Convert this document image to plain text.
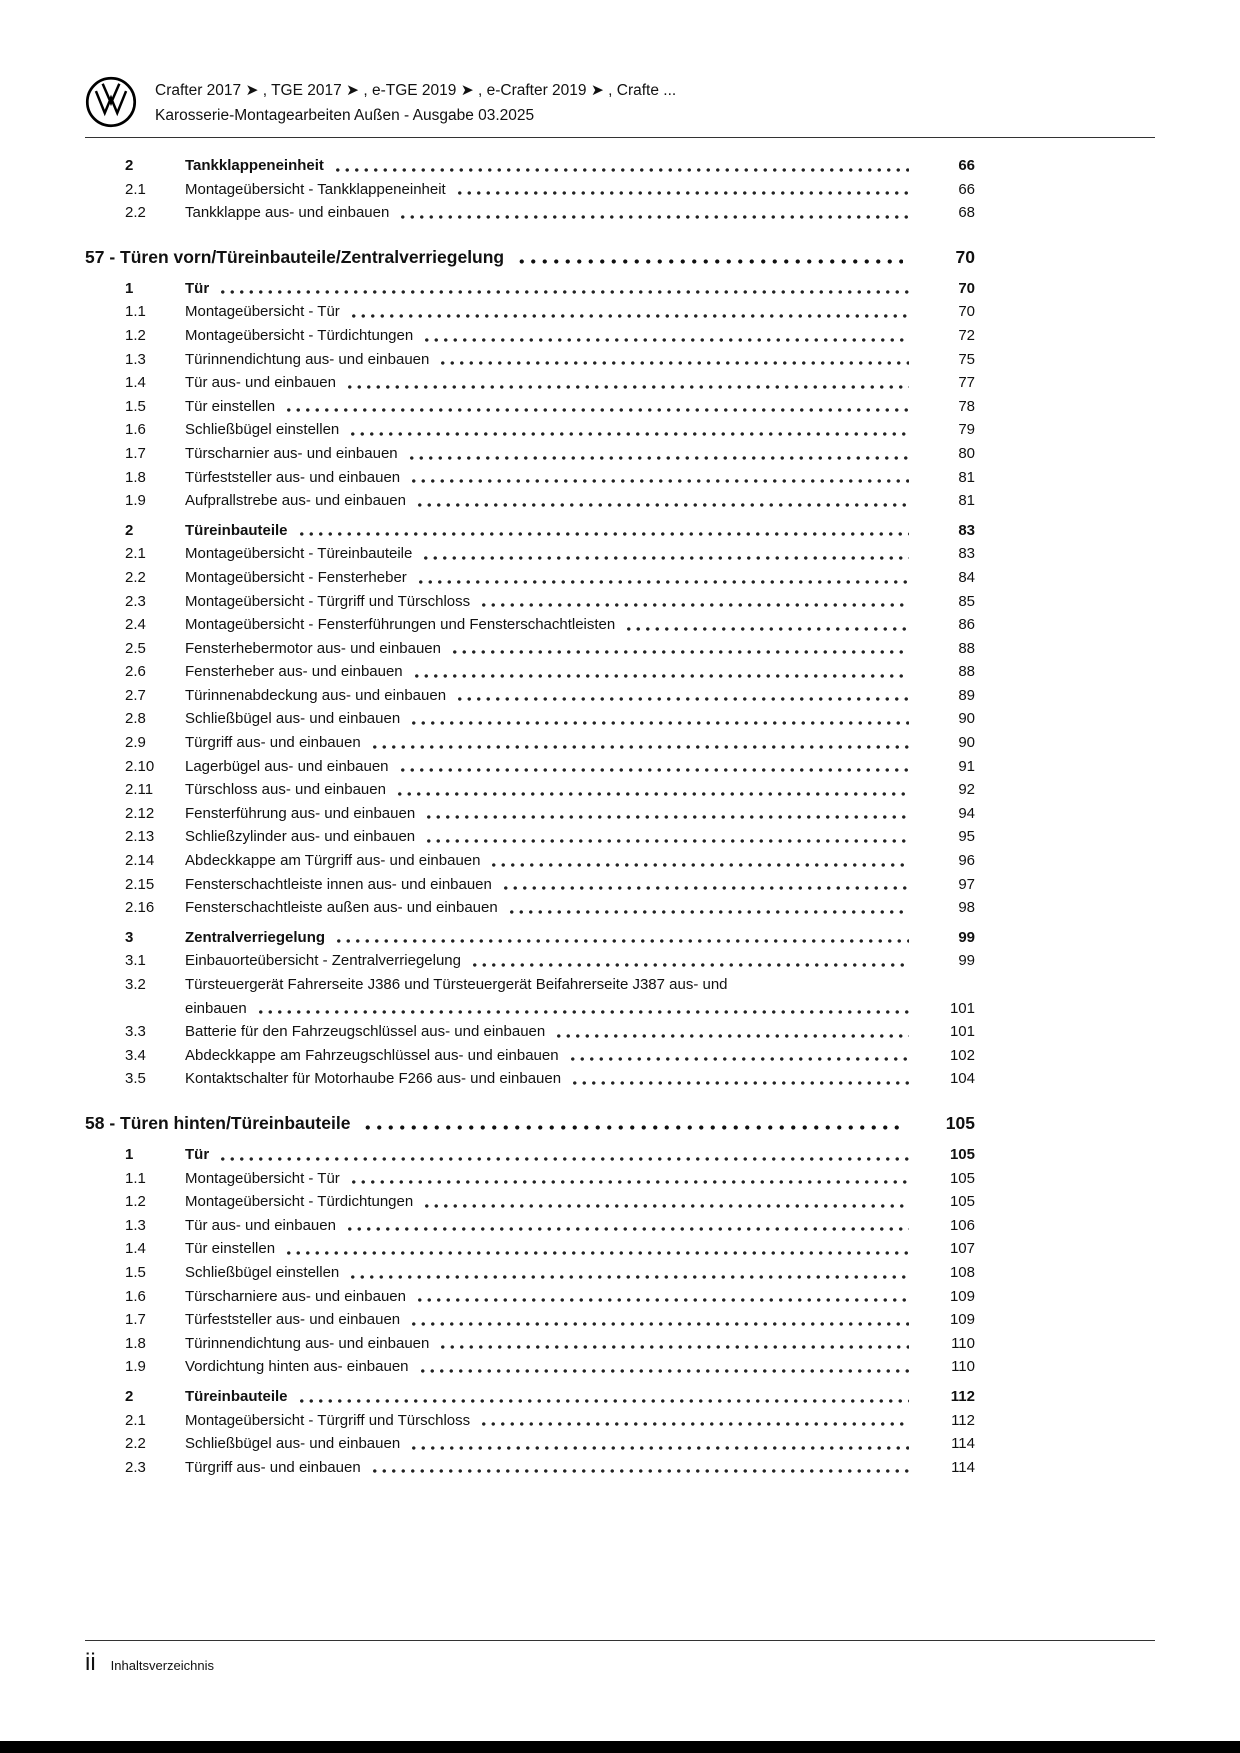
Crafter 2017 ➤ , TGE 2017 ➤ , e-TGE 2019 ➤ , e-Crafter 2019 ➤ , Crafte ...
Karosserie-Montagearbeiten Außen - Ausgabe 03.2025
2	Tankklappeneinheit	66
2.1	Montageübersicht - Tankklappeneinheit	66
2.2	Tankklappe aus- und einbauen	68
57 - Türen vorn/Türeinbauteile/Zentralverriegelung	70
1	Tür	70
1.1	Montageübersicht - Tür	70
1.2	Montageübersicht - Türdichtungen	72
1.3	Türinnendichtung aus- und einbauen	75
1.4	Tür aus- und einbauen	77
1.5	Tür einstellen	78
1.6	Schließbügel einstellen	79
1.7	Türscharnier aus- und einbauen	80
1.8	Türfeststeller aus- und einbauen	81
1.9	Aufprallstrebe aus- und einbauen	81
2	Türeinbauteile	83
2.1	Montageübersicht - Türeinbauteile	83
2.2	Montageübersicht - Fensterheber	84
2.3	Montageübersicht - Türgriff und Türschloss	85
2.4	Montageübersicht - Fensterführungen und Fensterschachtleisten	86
2.5	Fensterhebermotor aus- und einbauen	88
2.6	Fensterheber aus- und einbauen	88
2.7	Türinnenabdeckung aus- und einbauen	89
2.8	Schließbügel aus- und einbauen	90
2.9	Türgriff aus- und einbauen	90
2.10	Lagerbügel aus- und einbauen	91
2.11	Türschloss aus- und einbauen	92
2.12	Fensterführung aus- und einbauen	94
2.13	Schließzylinder aus- und einbauen	95
2.14	Abdeckkappe am Türgriff aus- und einbauen	96
2.15	Fensterschachtleiste innen aus- und einbauen	97
2.16	Fensterschachtleiste außen aus- und einbauen	98
3	Zentralverriegelung	99
3.1	Einbauorteübersicht - Zentralverriegelung	99
3.2	Türsteuergerät Fahrerseite J386 und Türsteuergerät Beifahrerseite J387 aus- und
einbauen	101
3.3	Batterie für den Fahrzeugschlüssel aus- und einbauen	101
3.4	Abdeckkappe am Fahrzeugschlüssel aus- und einbauen	102
3.5	Kontaktschalter für Motorhaube F266 aus- und einbauen	104
58 - Türen hinten/Türeinbauteile	105
1	Tür	105
1.1	Montageübersicht - Tür	105
1.2	Montageübersicht - Türdichtungen	105
1.3	Tür aus- und einbauen	106
1.4	Tür einstellen	107
1.5	Schließbügel einstellen	108
1.6	Türscharniere aus- und einbauen	109
1.7	Türfeststeller aus- und einbauen	109
1.8	Türinnendichtung aus- und einbauen	110
1.9	Vordichtung hinten aus- einbauen	110
2	Türeinbauteile	112
2.1	Montageübersicht - Türgriff und Türschloss	112
2.2	Schließbügel aus- und einbauen	114
2.3	Türgriff aus- und einbauen	114
ii Inhaltsverzeichnis
